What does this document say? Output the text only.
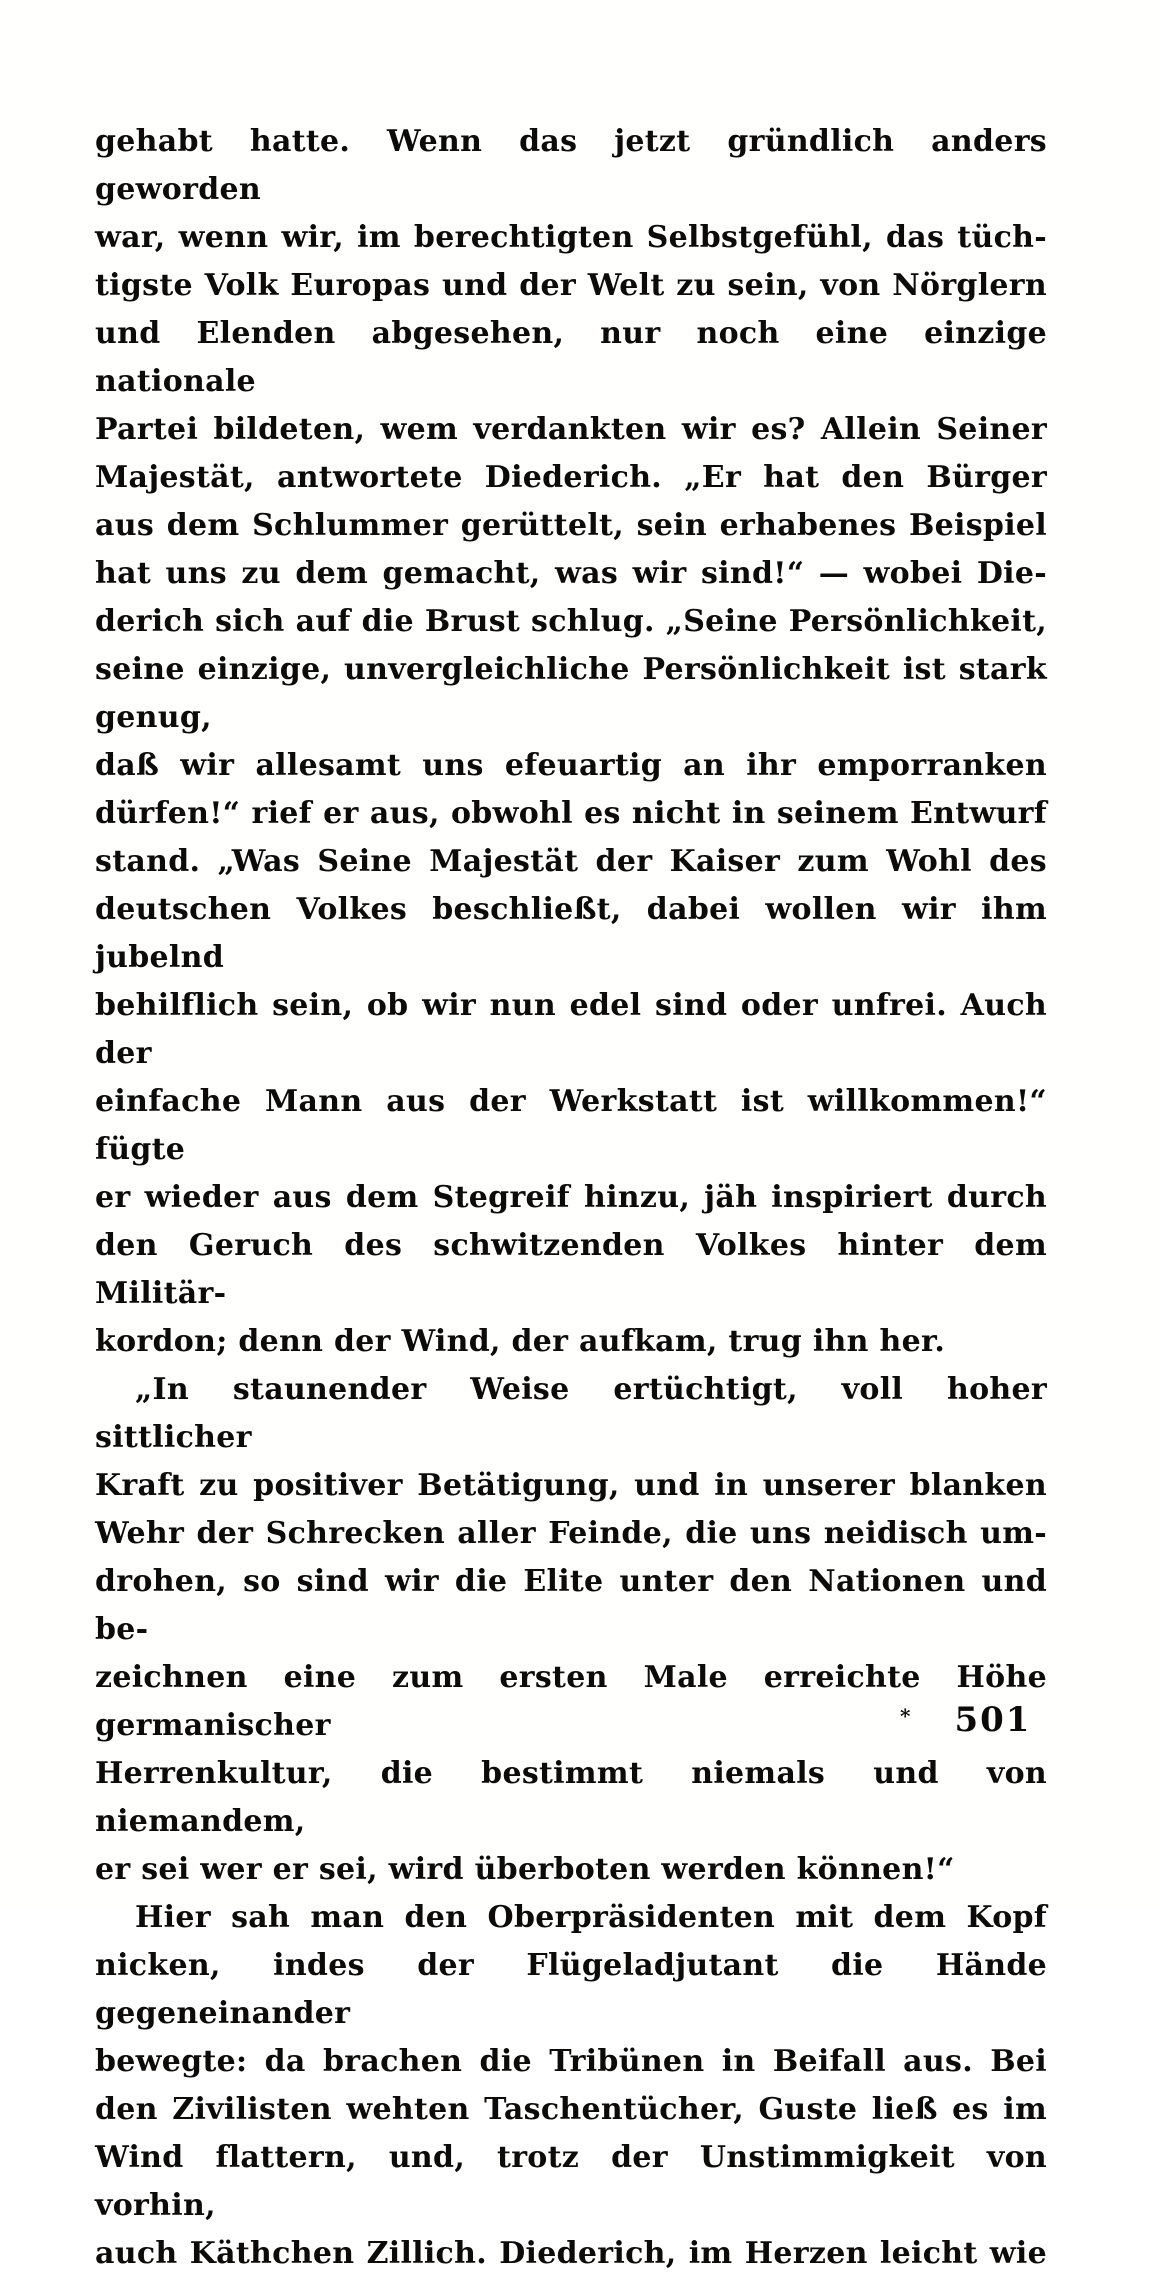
gehabt hatte. Wenn das jetzt gründlich anders geworden
war, wenn wir, im berechtigten Selbstgefühl, das tüch-
tigste Volk Europas und der Welt zu sein, von Nörglern
und Elenden abgesehen, nur noch eine einzige nationale
Partei bildeten, wem verdankten wir es? Allein Seiner
Majestät, antwortete Diederich. „Er hat den Bürger
aus dem Schlummer gerüttelt, sein erhabenes Beispiel
hat uns zu dem gemacht, was wir sind!“ — wobei Die-
derich sich auf die Brust schlug. „Seine Persönlichkeit,
seine einzige, unvergleichliche Persönlichkeit ist stark genug,
daß wir allesamt uns efeuartig an ihr emporranken
dürfen!“ rief er aus, obwohl es nicht in seinem Entwurf
stand. „Was Seine Majestät der Kaiser zum Wohl des
deutschen Volkes beschließt, dabei wollen wir ihm jubelnd
behilflich sein, ob wir nun edel sind oder unfrei. Auch der
einfache Mann aus der Werkstatt ist willkommen!“ fügte
er wieder aus dem Stegreif hinzu, jäh inspiriert durch
den Geruch des schwitzenden Volkes hinter dem Militär-
kordon; denn der Wind, der aufkam, trug ihn her.
„In staunender Weise ertüchtigt, voll hoher sittlicher
Kraft zu positiver Betätigung, und in unserer blanken
Wehr der Schrecken aller Feinde, die uns neidisch um-
drohen, so sind wir die Elite unter den Nationen und be-
zeichnen eine zum ersten Male erreichte Höhe germanischer
Herrenkultur, die bestimmt niemals und von niemandem,
er sei wer er sei, wird überboten werden können!“
Hier sah man den Oberpräsidenten mit dem Kopf
nicken, indes der Flügeladjutant die Hände gegeneinander
bewegte: da brachen die Tribünen in Beifall aus. Bei
den Zivilisten wehten Taschentücher, Guste ließ es im
Wind flattern, und, trotz der Unstimmigkeit von vorhin,
auch Käthchen Zillich. Diederich, im Herzen leicht wie
* 501
